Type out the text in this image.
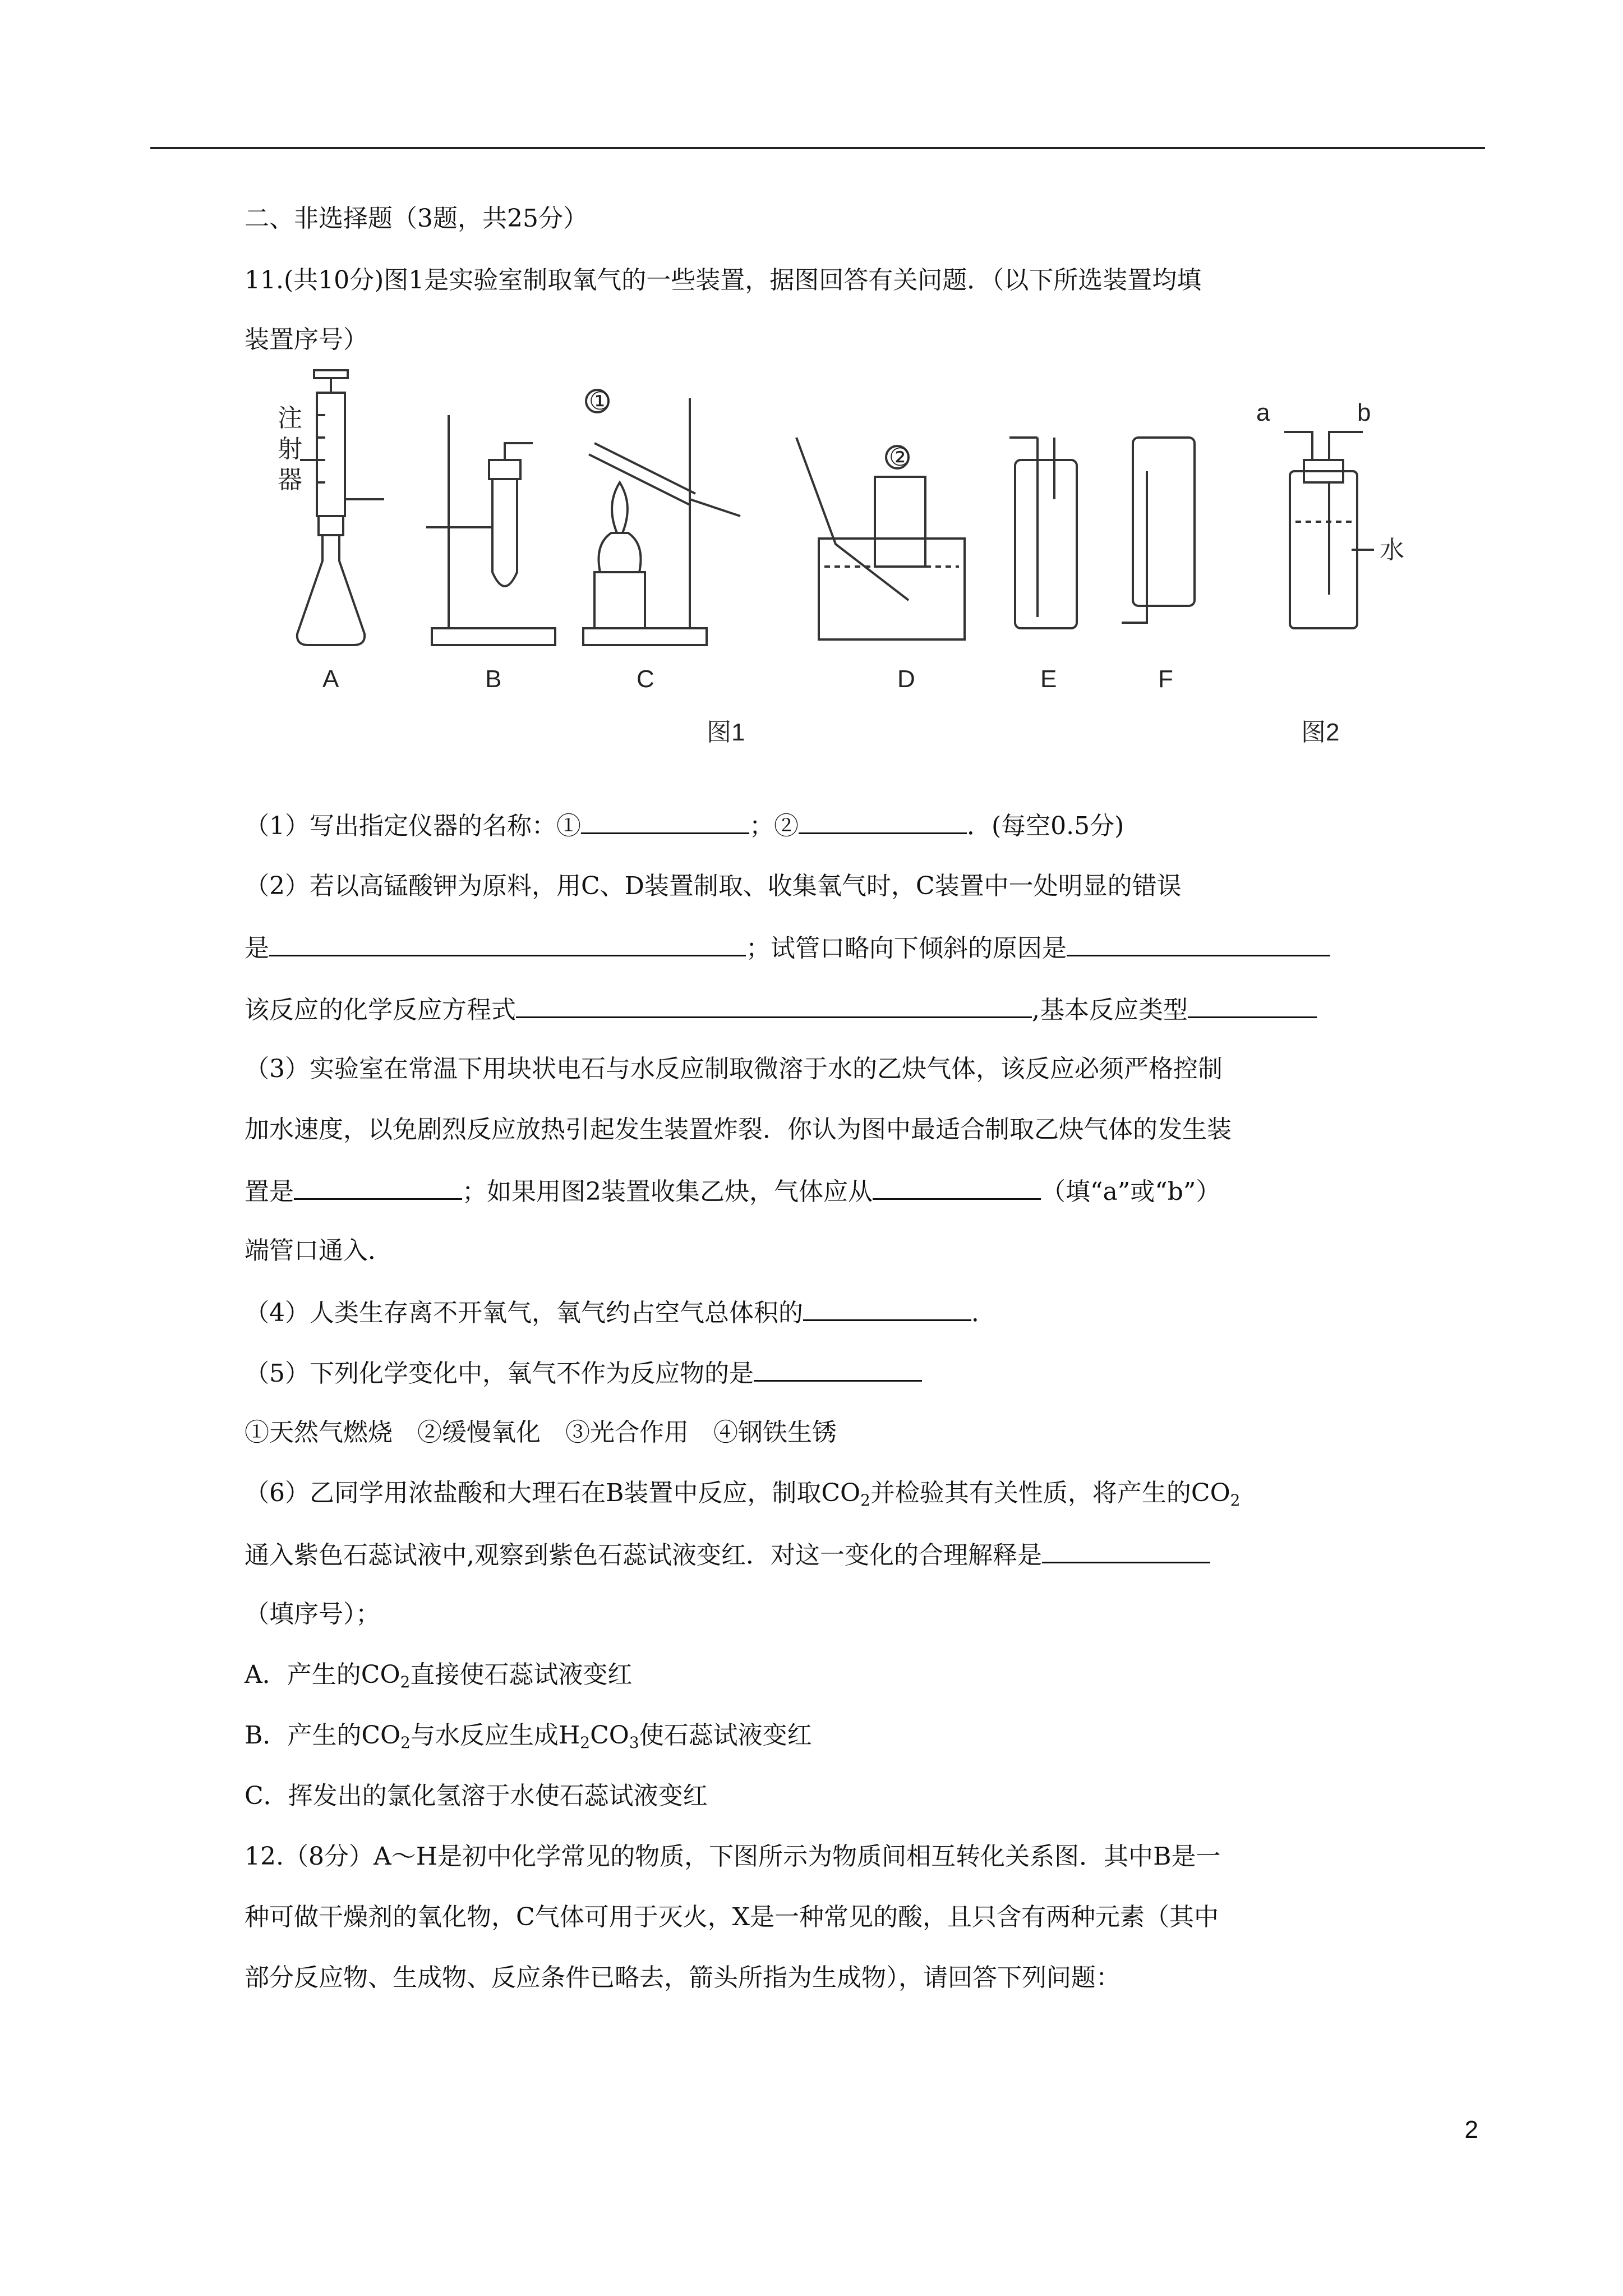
二、非选择题（3题，共25分）
11.(共10分)图1是实验室制取氧气的一些装置，据图回答有关问题．（以下所选装置均填
装置序号）
注
射
器
①
②
a	b
水
A	B	C	D	E	F
图1	图2
（1）写出指定仪器的名称：①	；②	．(每空0.5分)
（2）若以高锰酸钾为原料，用C、D装置制取、收集氧气时，C装置中一处明显的错误
是	；试管口略向下倾斜的原因是
该反应的化学反应方程式	,基本反应类型
（3）实验室在常温下用块状电石与水反应制取微溶于水的乙炔气体，该反应必须严格控制
加水速度，以免剧烈反应放热引起发生装置炸裂．你认为图中最适合制取乙炔气体的发生装
置是	；如果用图2装置收集乙炔，气体应从	（填“a”或“b”）
端管口通入．
（4）人类生存离不开氧气，氧气约占空气总体积的	．
（5）下列化学变化中，氧气不作为反应物的是
①天然气燃烧　②缓慢氧化　③光合作用　④钢铁生锈
（6）乙同学用浓盐酸和大理石在B装置中反应，制取$CO_2$并检验其有关性质，将产生的$CO_2$
通入紫色石蕊试液中,观察到紫色石蕊试液变红．对这一变化的合理解释是
（填序号）；
A．产生的$CO_2$直接使石蕊试液变红
B．产生的$CO_2$与水反应生成$H_2CO_3$使石蕊试液变红
C．挥发出的氯化氢溶于水使石蕊试液变红
12.（8分）A～H是初中化学常见的物质，下图所示为物质间相互转化关系图．其中B是一
种可做干燥剂的氧化物，C气体可用于灭火，X是一种常见的酸，且只含有两种元素（其中
部分反应物、生成物、反应条件已略去，箭头所指为生成物），请回答下列问题：
2
